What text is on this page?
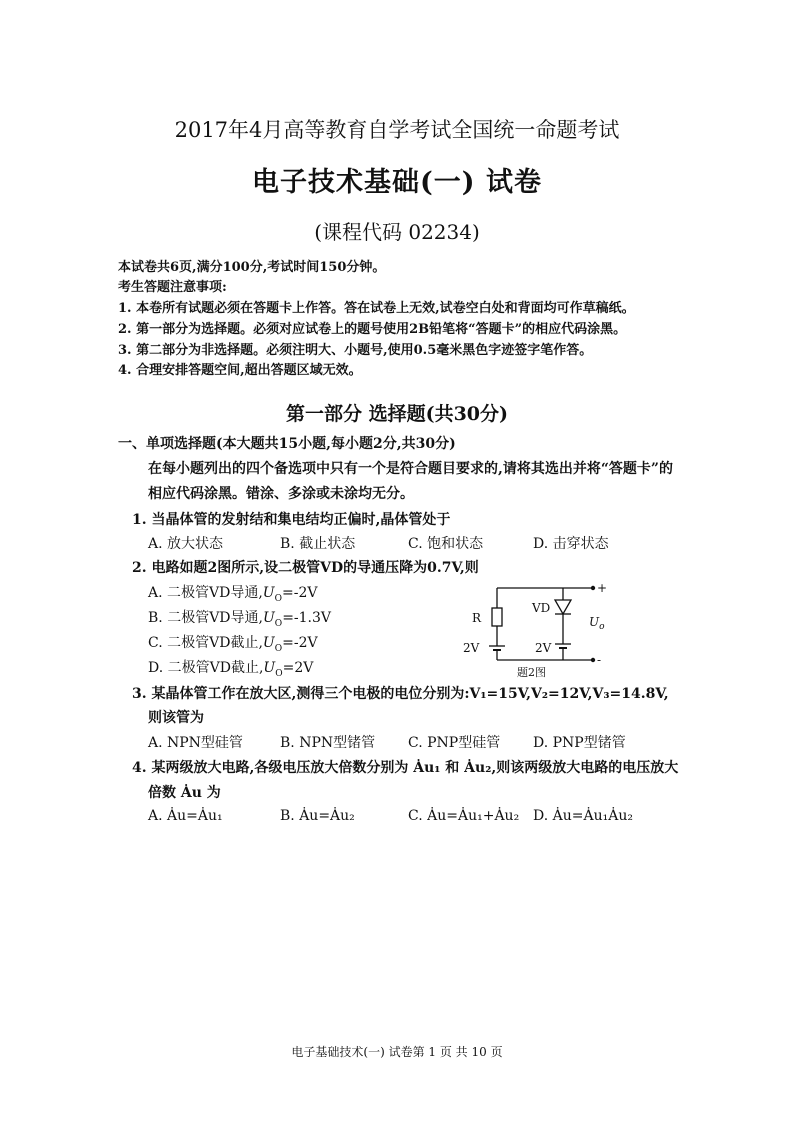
2017年4月高等教育自学考试全国统一命题考试
电子技术基础(一) 试卷
(课程代码 02234)
本试卷共6页,满分100分,考试时间150分钟。
考生答题注意事项:
1. 本卷所有试题必须在答题卡上作答。答在试卷上无效,试卷空白处和背面均可作草稿纸。
2. 第一部分为选择题。必须对应试卷上的题号使用2B铅笔将“答题卡”的相应代码涂黑。
3. 第二部分为非选择题。必须注明大、小题号,使用0.5毫米黑色字迹签字笔作答。
4. 合理安排答题空间,超出答题区域无效。
第一部分 选择题(共30分)
一、单项选择题(本大题共15小题,每小题2分,共30分)
在每小题列出的四个备选项中只有一个是符合题目要求的,请将其选出并将“答题卡”的
相应代码涂黑。错涂、多涂或未涂均无分。
1. 当晶体管的发射结和集电结均正偏时,晶体管处于
A. 放大状态	B. 截止状态	C. 饱和状态	D. 击穿状态
2. 电路如题2图所示,设二极管VD的导通压降为0.7V,则
A. 二极管VD导通$,U_O=-2V$
B. 二极管VD导通$,U_O=-1.3V$
C. 二极管VD截止$,U_O=-2V$
D. 二极管VD截止$,U_O=2V$
R
VD
2V	2V
+
-
$U_o$
题2图
3. 某晶体管工作在放大区,测得三个电极的电位分别为:V₁=15V,V₂=12V,V₃=14.8V,
则该管为
A. NPN型硅管	B. NPN型锗管 C. PNP型硅管 D. PNP型锗管
4. 某两级放大电路,各级电压放大倍数分别为 Ȧu₁ 和 Ȧu₂,则该两级放大电路的电压放大
倍数 Ȧu 为
A. Ȧu=Ȧu₁	B. Ȧu=Ȧu₂	C. Ȧu=Ȧu₁+Ȧu₂ D. Ȧu=Ȧu₁Ȧu₂
电子基础技术(一) 试卷第 1 页 共 10 页
